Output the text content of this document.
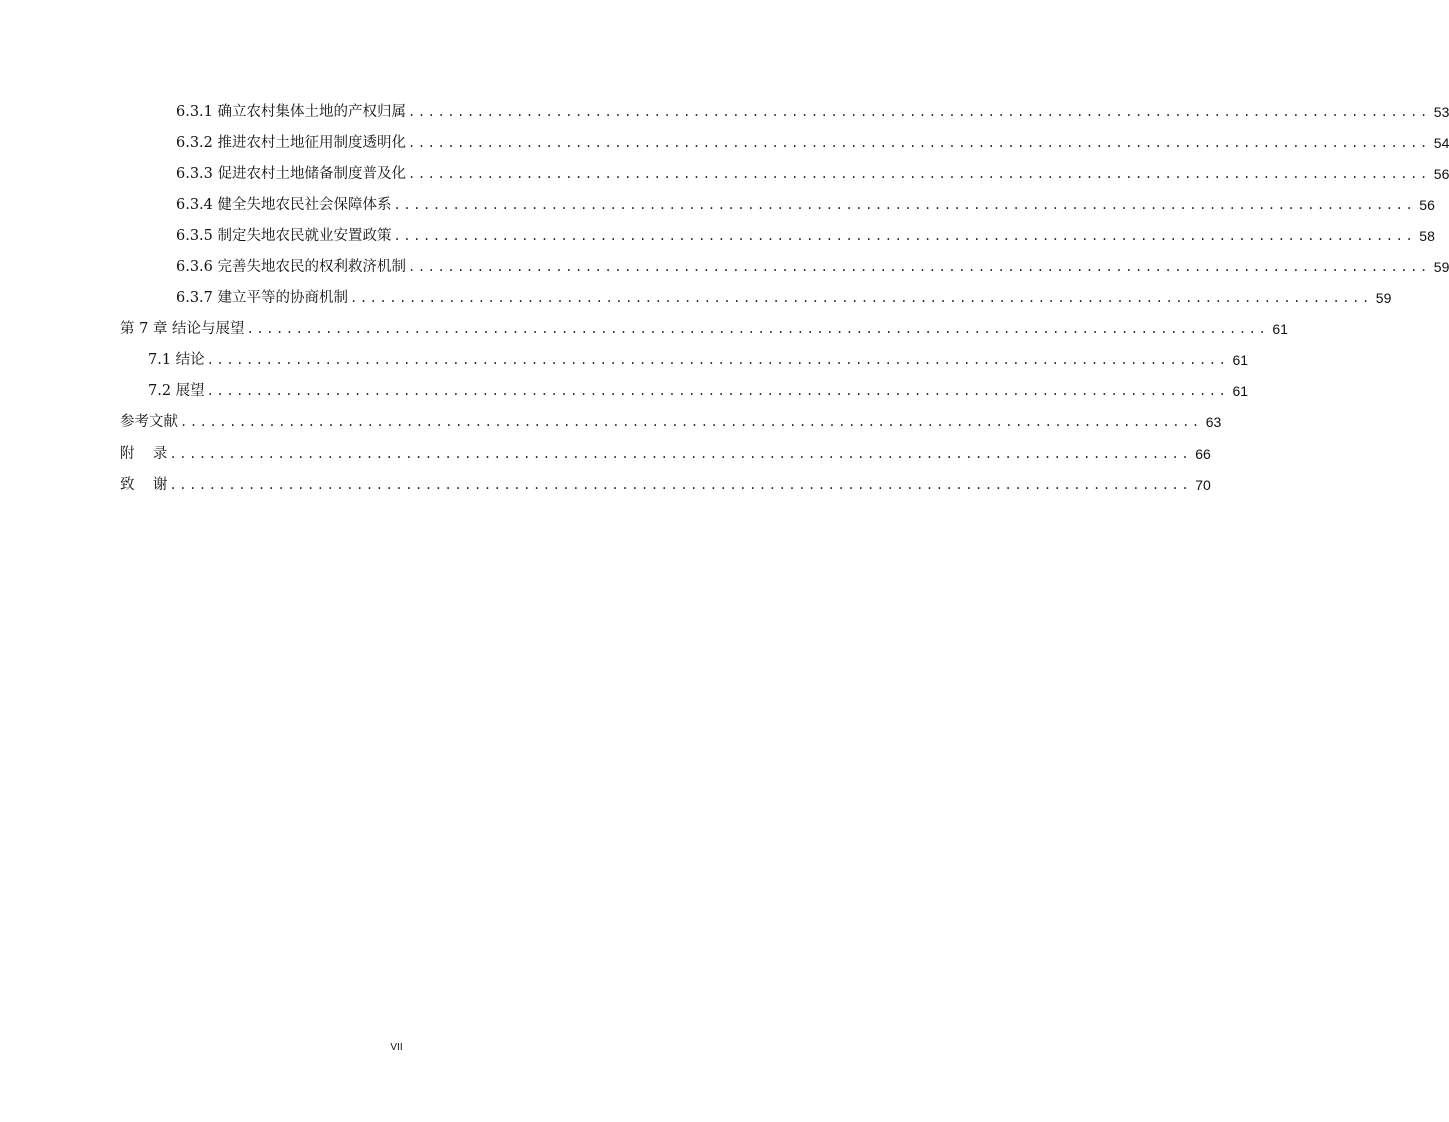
6.3.1 确立农村集体土地的产权归属 ........................................................................................................ 53
6.3.2 推进农村土地征用制度透明化 ........................................................................................................ 54
6.3.3 促进农村土地储备制度普及化 ........................................................................................................ 56
6.3.4 健全失地农民社会保障体系 ........................................................................................................ 56
6.3.5 制定失地农民就业安置政策 ........................................................................................................ 58
6.3.6 完善失地农民的权利救济机制 ........................................................................................................ 59
6.3.7 建立平等的协商机制 ........................................................................................................ 59
第 7 章 结论与展望 ........................................................................................................ 61
7.1 结论 ........................................................................................................ 61
7.2 展望 ........................................................................................................ 61
参考文献 ........................................................................................................ 63
附    录 ........................................................................................................ 66
致    谢 ........................................................................................................ 70
VII
